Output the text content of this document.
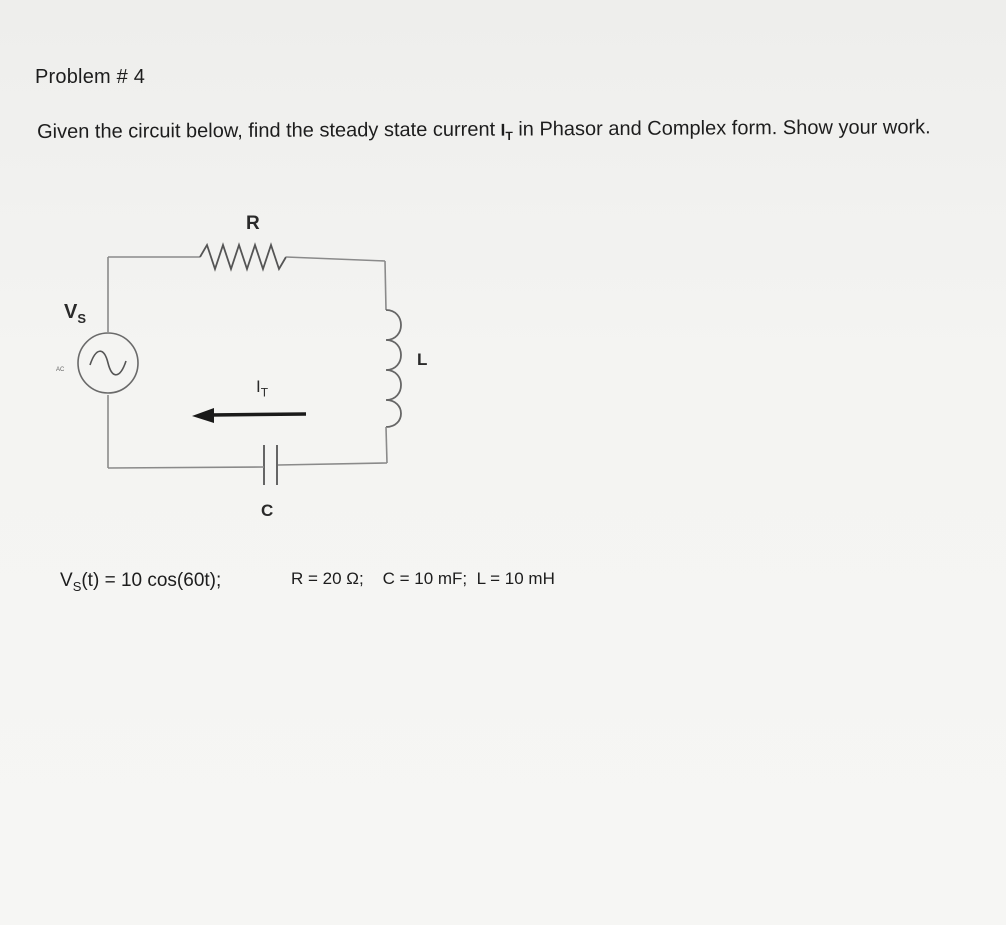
Problem # 4
Given the circuit below, find the steady state current $I_T$ in Phasor and Complex form. Show your work.
R
$V_S$
AC
L
$I_T$
C
$V_S(t) = 10$ cos(60t);	R = 20 Ω;    C = 10 mF;  L = 10 mH
